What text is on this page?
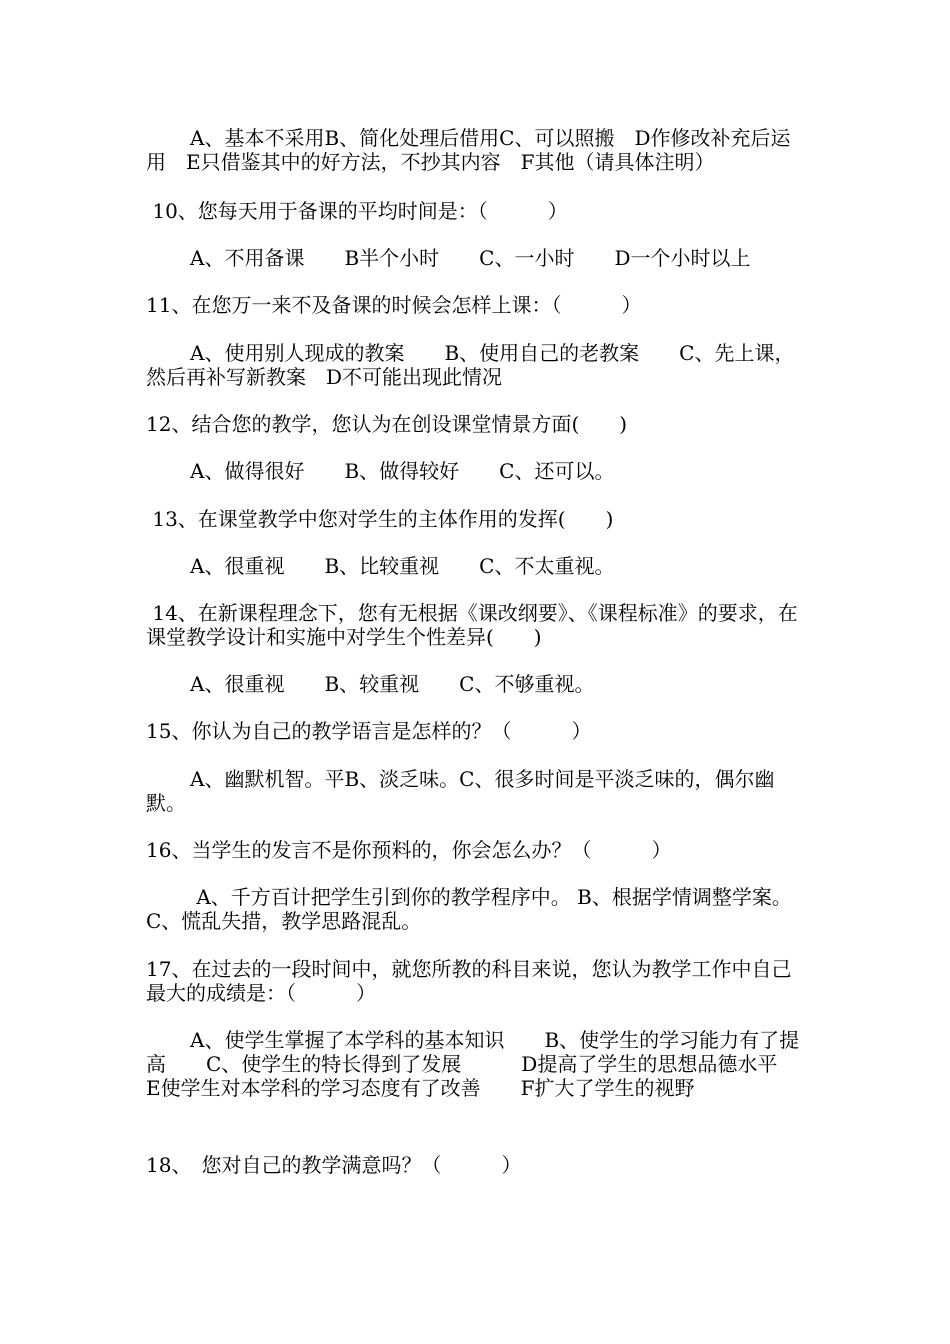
A、基本不采用B、简化处理后借用C、可以照搬　D作修改补充后运用　E只借鉴其中的好方法，不抄其内容　F其他（请具体注明）
10、您每天用于备课的平均时间是：（　　　）
A、不用备课　　B半个小时　　C、一小时　　D一个小时以上
11、在您万一来不及备课的时候会怎样上课：（　　　）
A、使用别人现成的教案　　B、使用自己的老教案　　C、先上课，然后再补写新教案　D不可能出现此情况
12、结合您的教学，您认为在创设课堂情景方面(　　)
A、做得很好　　B、做得较好　　C、还可以。
13、在课堂教学中您对学生的主体作用的发挥(　　)
A、很重视　　B、比较重视　　C、不太重视。
14、在新课程理念下，您有无根据《课改纲要》、《课程标准》的要求，在课堂教学设计和实施中对学生个性差异(　　)
A、很重视　　B、较重视　　C、不够重视。
15、你认为自己的教学语言是怎样的？（　　　）
A、幽默机智。平B、淡乏味。C、很多时间是平淡乏味的，偶尔幽默。
16、当学生的发言不是你预料的，你会怎么办？（　　　）
A、千方百计把学生引到你的教学程序中。 B、根据学情调整学案。C、慌乱失措，教学思路混乱。
17、在过去的一段时间中，就您所教的科目来说，您认为教学工作中自己最大的成绩是：（　　　）
A、使学生掌握了本学科的基本知识　　B、使学生的学习能力有了提高　　C、使学生的特长得到了发展　　　D提高了学生的思想品德水平　　E使学生对本学科的学习态度有了改善　　F扩大了学生的视野
18、　您对自己的教学满意吗？（　　　）
